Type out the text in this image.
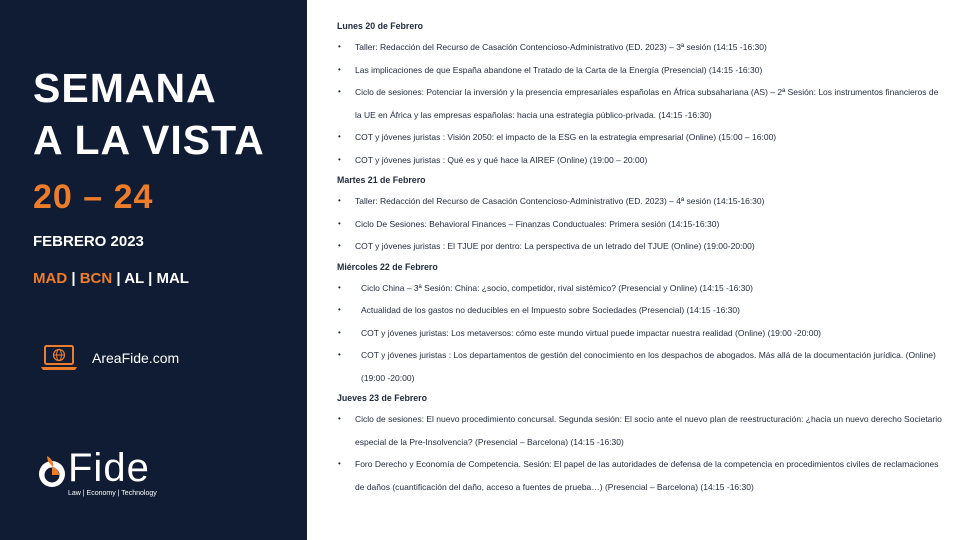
SEMANA
A LA VISTA
20 – 24
FEBRERO 2023
MAD | BCN | AL | MAL
AreaFide.com
Fide
Law | Economy | Technology
Lunes 20 de Febrero
• Taller: Redacción del Recurso de Casación Contencioso-Administrativo (ED. 2023) – 3ª sesión (14:15 -16:30)
• Las implicaciones de que España abandone el Tratado de la Carta de la Energía (Presencial) (14:15 -16:30)
• Ciclo de sesiones: Potenciar la inversión y la presencia empresariales españolas en África subsahariana (AS) – 2ª Sesión: Los instrumentos financieros de la UE en África y las empresas españolas: hacia una estrategia público-privada. (14:15 -16:30)
• COT y jóvenes juristas : Visión 2050: el impacto de la ESG en la estrategia empresarial (Online) (15:00 – 16:00)
• COT y jóvenes juristas : Qué es y qué hace la AIREF (Online) (19:00 – 20:00)
Martes 21 de Febrero
• Taller: Redacción del Recurso de Casación Contencioso-Administrativo (ED. 2023) – 4ª sesión (14:15-16:30)
• Ciclo De Sesiones: Behavioral Finances – Finanzas Conductuales: Primera sesión (14:15-16:30)
• COT y jóvenes juristas : El TJUE por dentro: La perspectiva de un letrado del TJUE (Online) (19:00-20:00)
Miércoles 22 de Febrero
• Ciclo China – 3ª Sesión: China: ¿socio, competidor, rival sistémico? (Presencial y Online) (14:15 -16:30)
• Actualidad de los gastos no deducibles en el Impuesto sobre Sociedades (Presencial) (14:15 -16:30)
• COT y jóvenes juristas: Los metaversos: cómo este mundo virtual puede impactar nuestra realidad (Online) (19:00 -20:00)
• COT y jóvenes juristas : Los departamentos de gestión del conocimiento en los despachos de abogados. Más allá de la documentación jurídica. (Online) (19:00 -20:00)
Jueves 23 de Febrero
• Ciclo de sesiones: El nuevo procedimiento concursal. Segunda sesión: El socio ante el nuevo plan de reestructuración: ¿hacia un nuevo derecho Societario especial de la Pre-Insolvencia? (Presencial – Barcelona) (14:15 -16:30)
• Foro Derecho y Economía de Competencia. Sesión: El papel de las autoridades de defensa de la competencia en procedimientos civiles de reclamaciones de daños (cuantificación del daño, acceso a fuentes de prueba…) (Presencial – Barcelona) (14:15 -16:30)
